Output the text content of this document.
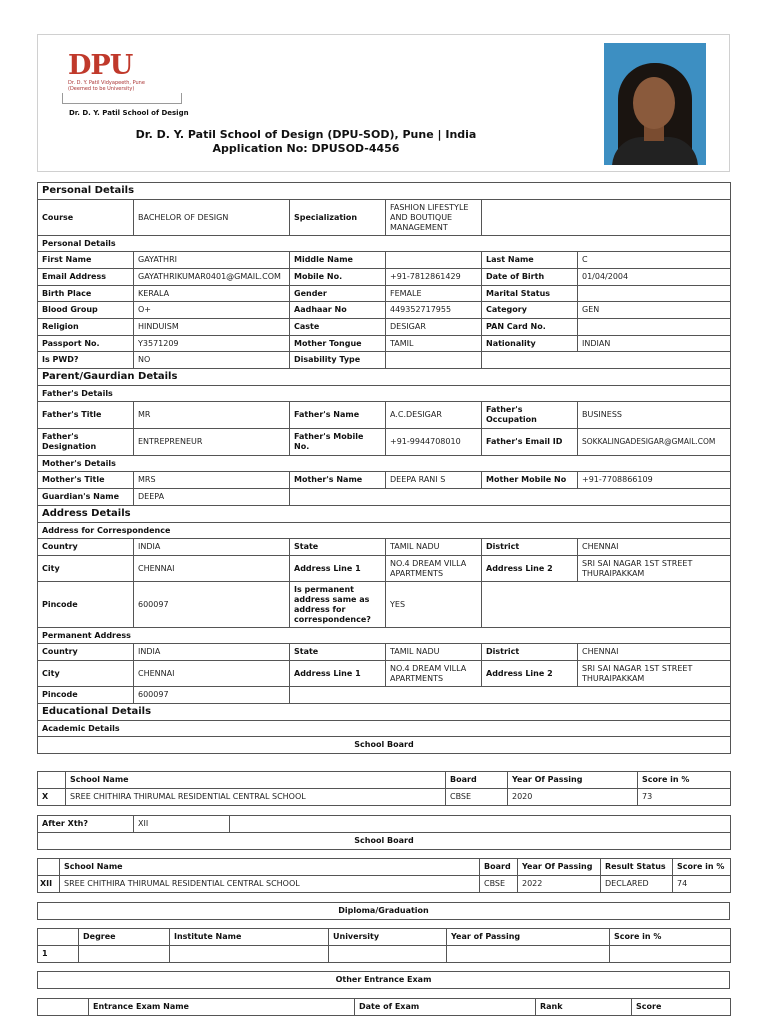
DPU
Dr. D. Y. Patil Vidyapeeth, Pune
(Deemed to be University)
Dr. D. Y. Patil School of Design
Dr. D. Y. Patil School of Design (DPU-SOD), Pune | India
Application No: DPUSOD-4456
Personal Details					
Course	BACHELOR OF DESIGN	Specialization	FASHION LIFESTYLE AND BOUTIQUE MANAGEMENT		
Personal Details					
First Name	GAYATHRI	Middle Name		Last Name	C
Email Address	GAYATHRIKUMAR0401@GMAIL.COM	Mobile No.	+91-7812861429	Date of Birth	01/04/2004
Birth Place	KERALA	Gender	FEMALE	Marital Status	
Blood Group	O+	Aadhaar No	449352717955	Category	GEN
Religion	HINDUISM	Caste	DESIGAR	PAN Card No.	
Passport No.	Y3571209	Mother Tongue	TAMIL	Nationality	INDIAN
Is PWD?	NO	Disability Type			
Parent/Gaurdian Details					
Father's Details					
Father's Title	MR	Father's Name	A.C.DESIGAR	Father's Occupation	BUSINESS
Father's Designation	ENTREPRENEUR	Father's Mobile No.	+91-9944708010	Father's Email ID	SOKKALINGADESIGAR@GMAIL.COM
Mother's Details					
Mother's Title	MRS	Mother's Name	DEEPA RANI S	Mother Mobile No	+91-7708866109
Guardian's Name	DEEPA				
Address Details					
Address for Correspondence					
Country	INDIA	State	TAMIL NADU	District	CHENNAI
City	CHENNAI	Address Line 1	NO.4 DREAM VILLA APARTMENTS	Address Line 2	SRI SAI NAGAR 1ST STREET THURAIPAKKAM
Pincode	600097	Is permanent address same as address for correspondence?	YES		
Permanent Address					
Country	INDIA	State	TAMIL NADU	District	CHENNAI
City	CHENNAI	Address Line 1	NO.4 DREAM VILLA APARTMENTS	Address Line 2	SRI SAI NAGAR 1ST STREET THURAIPAKKAM
Pincode	600097				
Educational Details					
Academic Details					
School Board					
	School Name	Board	Year Of Passing	Score in %
X	SREE CHITHIRA THIRUMAL RESIDENTIAL CENTRAL SCHOOL	CBSE	2020	73
After Xth?	XII	
School Board
	School Name	Board	Year Of Passing	Result Status	Score in %
XII	SREE CHITHIRA THIRUMAL RESIDENTIAL CENTRAL SCHOOL	CBSE	2022	DECLARED	74
Diploma/Graduation
	Degree	Institute Name	University	Year of Passing	Score in %
1					
Other Entrance Exam
	Entrance Exam Name	Date of Exam	Rank	Score
